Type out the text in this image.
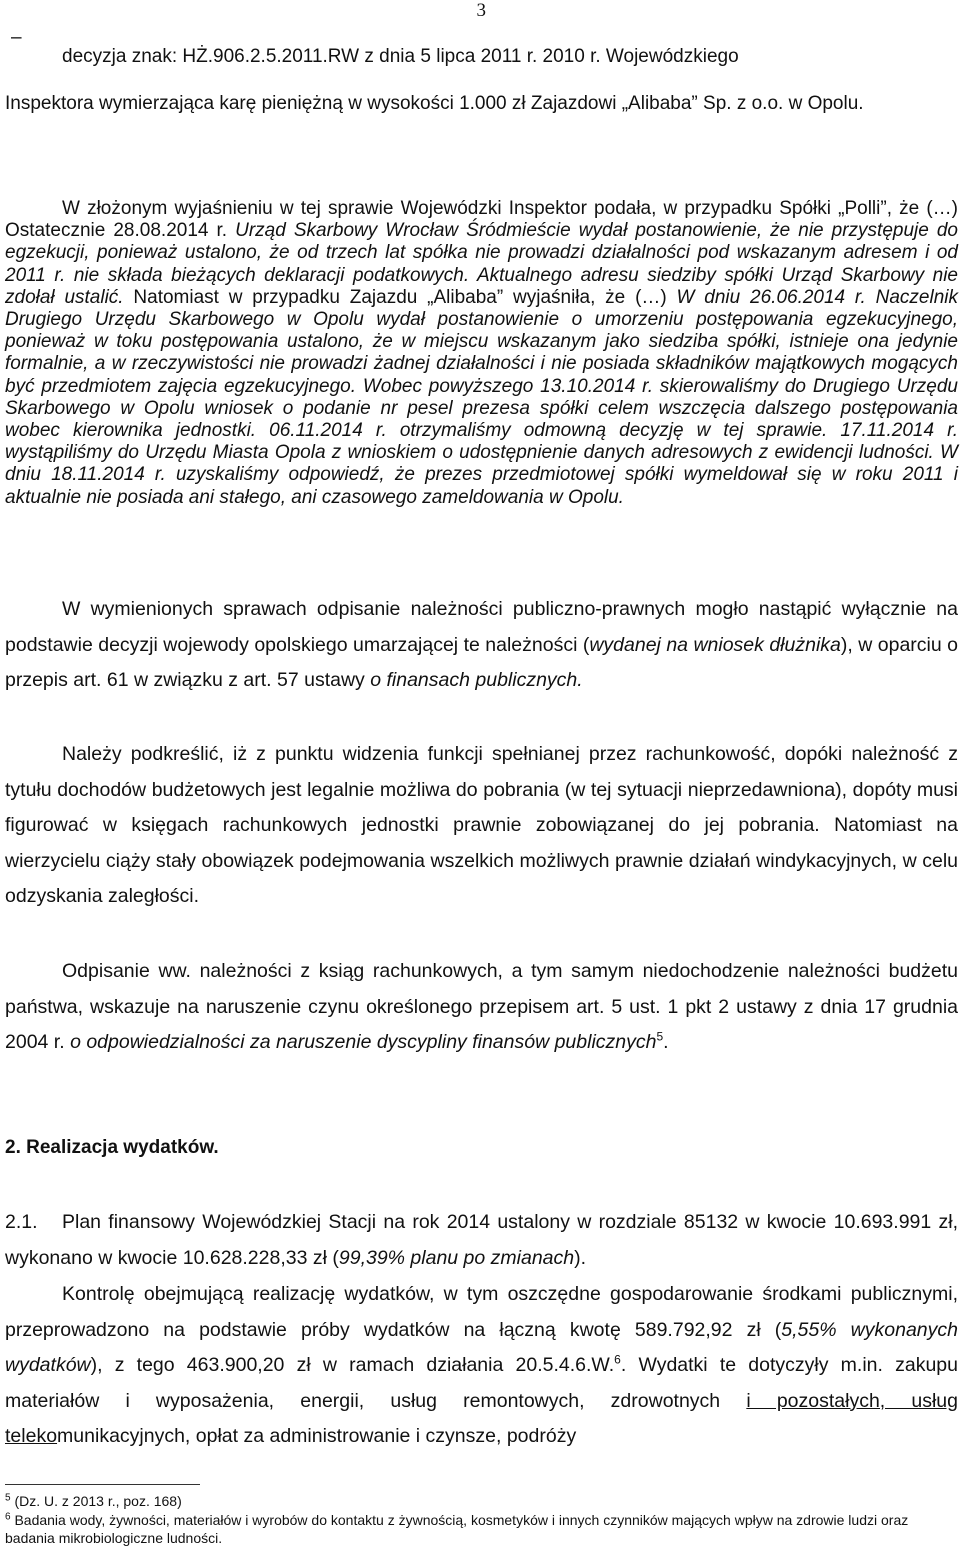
3
–

decyzja znak: HŻ.906.2.5.2011.RW z dnia 5 lipca 2011 r. 2010 r. Wojewódzkiego

Inspektora wymierzająca karę pieniężną w wysokości 1.000 zł Zajazdowi „Alibaba” Sp. z o.o. w Opolu.

W złożonym wyjaśnieniu w tej sprawie Wojewódzki Inspektor podała, w przypadku Spółki „Polli”, że (…) Ostatecznie 28.08.2014 r. Urząd Skarbowy Wrocław Śródmieście wydał postanowienie, że nie przystępuje do egzekucji, ponieważ ustalono, że od trzech lat spółka nie prowadzi działalności pod wskazanym adresem i od 2011 r. nie składa bieżących deklaracji podatkowych. Aktualnego adresu siedziby spółki Urząd Skarbowy nie zdołał ustalić. Natomiast w przypadku Zajazdu „Alibaba” wyjaśniła, że (…) W dniu 26.06.2014 r. Naczelnik Drugiego Urzędu Skarbowego w Opolu wydał postanowienie o umorzeniu postępowania egzekucyjnego, ponieważ w toku postępowania ustalono, że w miejscu wskazanym jako siedziba spółki, istnieje ona jedynie formalnie, a w rzeczywistości nie prowadzi żadnej działalności i nie posiada składników majątkowych mogących być przedmiotem zajęcia egzekucyjnego. Wobec powyższego 13.10.2014 r. skierowaliśmy do Drugiego Urzędu Skarbowego w Opolu wniosek o podanie nr pesel prezesa spółki celem wszczęcia dalszego postępowania wobec kierownika jednostki. 06.11.2014 r. otrzymaliśmy odmowną decyzję w tej sprawie. 17.11.2014 r. wystąpiliśmy do Urzędu Miasta Opola z wnioskiem o udostępnienie danych adresowych z ewidencji ludności. W dniu 18.11.2014 r. uzyskaliśmy odpowiedź, że prezes przedmiotowej spółki wymeldował się w roku 2011 i aktualnie nie posiada ani stałego, ani czasowego zameldowania w Opolu.

W wymienionych sprawach odpisanie należności publiczno-prawnych mogło nastąpić wyłącznie na podstawie decyzji wojewody opolskiego umarzającej te należności (wydanej na wniosek dłużnika), w oparciu o przepis art. 61 w związku z art. 57 ustawy o finansach publicznych.

Należy podkreślić, iż z punktu widzenia funkcji spełnianej przez rachunkowość, dopóki należność z tytułu dochodów budżetowych jest legalnie możliwa do pobrania (w tej sytuacji nieprzedawniona), dopóty musi figurować w księgach rachunkowych jednostki prawnie zobowiązanej do jej pobrania. Natomiast na wierzycielu ciąży stały obowiązek podejmowania wszelkich możliwych prawnie działań windykacyjnych, w celu odzyskania zaległości.

Odpisanie ww. należności z ksiąg rachunkowych, a tym samym niedochodzenie należności budżetu państwa, wskazuje na naruszenie czynu określonego przepisem art. 5 ust. 1 pkt 2 ustawy z dnia 17 grudnia 2004 r. o odpowiedzialności za naruszenie dyscypliny finansów publicznych$^5$.

2. Realizacja wydatków.

2.1. Plan finansowy Wojewódzkiej Stacji na rok 2014 ustalony w rozdziale 85132 w kwocie 10.693.991 zł, wykonano w kwocie 10.628.228,33 zł (99,39% planu po zmianach).

Kontrolę obejmującą realizację wydatków, w tym oszczędne gospodarowanie środkami publicznymi, przeprowadzono na podstawie próby wydatków na łączną kwotę 589.792,92 zł (5,55% wykonanych wydatków), z tego 463.900,20 zł w ramach działania 20.5.4.6.W.$^6$. Wydatki te dotyczyły m.in. zakupu materiałów i wyposażenia, energii, usług remontowych, zdrowotnych i pozostałych, usług telekomunikacyjnych, opłat za administrowanie i czynsze, podróży

$^5$ (Dz. U. z 2013 r., poz. 168)
$^6$ Badania wody, żywności, materiałów i wyrobów do kontaktu z żywnością, kosmetyków i innych czynników mających wpływ na zdrowie ludzi oraz badania mikrobiologiczne ludności.
